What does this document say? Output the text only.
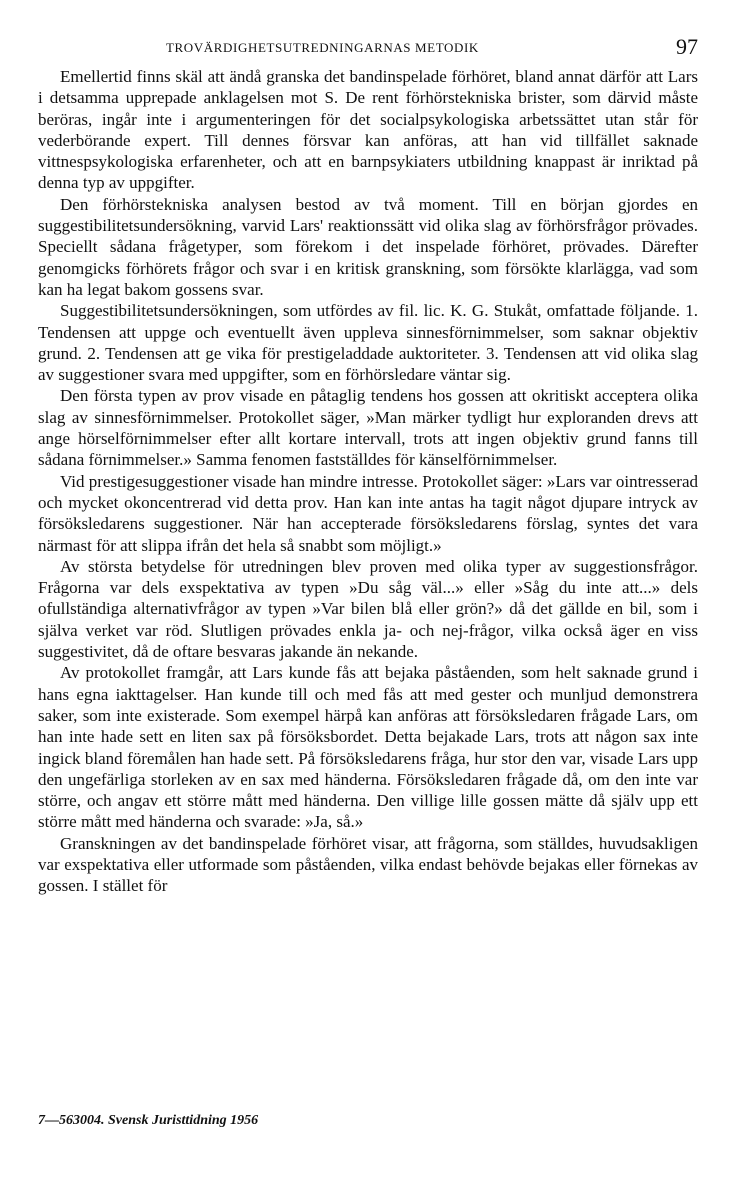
TROVÄRDIGHETSUTREDNINGARNAS METODIK	97

Emellertid finns skäl att ändå granska det bandinspelade förhöret, bland annat därför att Lars i detsamma upprepade anklagelsen mot S. De rent förhörstekniska brister, som därvid måste beröras, ingår inte i argumenteringen för det socialpsykologiska arbetssättet utan står för vederbörande expert. Till dennes försvar kan anföras, att han vid tillfället saknade vittnespsykologiska erfarenheter, och att en barnpsykiaters utbildning knappast är inriktad på denna typ av uppgifter.

Den förhörstekniska analysen bestod av två moment. Till en början gjordes en suggestibilitetsundersökning, varvid Lars' reaktionssätt vid olika slag av förhörsfrågor prövades. Speciellt sådana frågetyper, som förekom i det inspelade förhöret, prövades. Därefter genomgicks förhörets frågor och svar i en kritisk granskning, som försökte klarlägga, vad som kan ha legat bakom gossens svar.

Suggestibilitetsundersökningen, som utfördes av fil. lic. K. G. Stukåt, omfattade följande. 1. Tendensen att uppge och eventuellt även uppleva sinnesförnimmelser, som saknar objektiv grund. 2. Tendensen att ge vika för prestigeladdade auktoriteter. 3. Tendensen att vid olika slag av suggestioner svara med uppgifter, som en förhörsledare väntar sig.

Den första typen av prov visade en påtaglig tendens hos gossen att okritiskt acceptera olika slag av sinnesförnimmelser. Protokollet säger, »Man märker tydligt hur exploranden drevs att ange hörselförnimmelser efter allt kortare intervall, trots att ingen objektiv grund fanns till sådana förnimmelser.» Samma fenomen fastställdes för känselförnimmelser.

Vid prestigesuggestioner visade han mindre intresse. Protokollet säger: »Lars var ointresserad och mycket okoncentrerad vid detta prov. Han kan inte antas ha tagit något djupare intryck av försöksledarens suggestioner. När han accepterade försöksledarens förslag, syntes det vara närmast för att slippa ifrån det hela så snabbt som möjligt.»

Av största betydelse för utredningen blev proven med olika typer av suggestionsfrågor. Frågorna var dels exspektativa av typen »Du såg väl...» eller »Såg du inte att...» dels ofullständiga alternativfrågor av typen »Var bilen blå eller grön?» då det gällde en bil, som i själva verket var röd. Slutligen prövades enkla ja- och nej-frågor, vilka också äger en viss suggestivitet, då de oftare besvaras jakande än nekande.

Av protokollet framgår, att Lars kunde fås att bejaka påståenden, som helt saknade grund i hans egna iakttagelser. Han kunde till och med fås att med gester och munljud demonstrera saker, som inte existerade. Som exempel härpå kan anföras att försöksledaren frågade Lars, om han inte hade sett en liten sax på försöksbordet. Detta bejakade Lars, trots att någon sax inte ingick bland föremålen han hade sett. På försöksledarens fråga, hur stor den var, visade Lars upp den ungefärliga storleken av en sax med händerna. Försöksledaren frågade då, om den inte var större, och angav ett större mått med händerna. Den villige lille gossen mätte då själv upp ett större mått med händerna och svarade: »Ja, så.»

Granskningen av det bandinspelade förhöret visar, att frågorna, som ställdes, huvudsakligen var exspektativa eller utformade som påståenden, vilka endast behövde bejakas eller förnekas av gossen. I stället för

7—563004. Svensk Juristtidning 1956
